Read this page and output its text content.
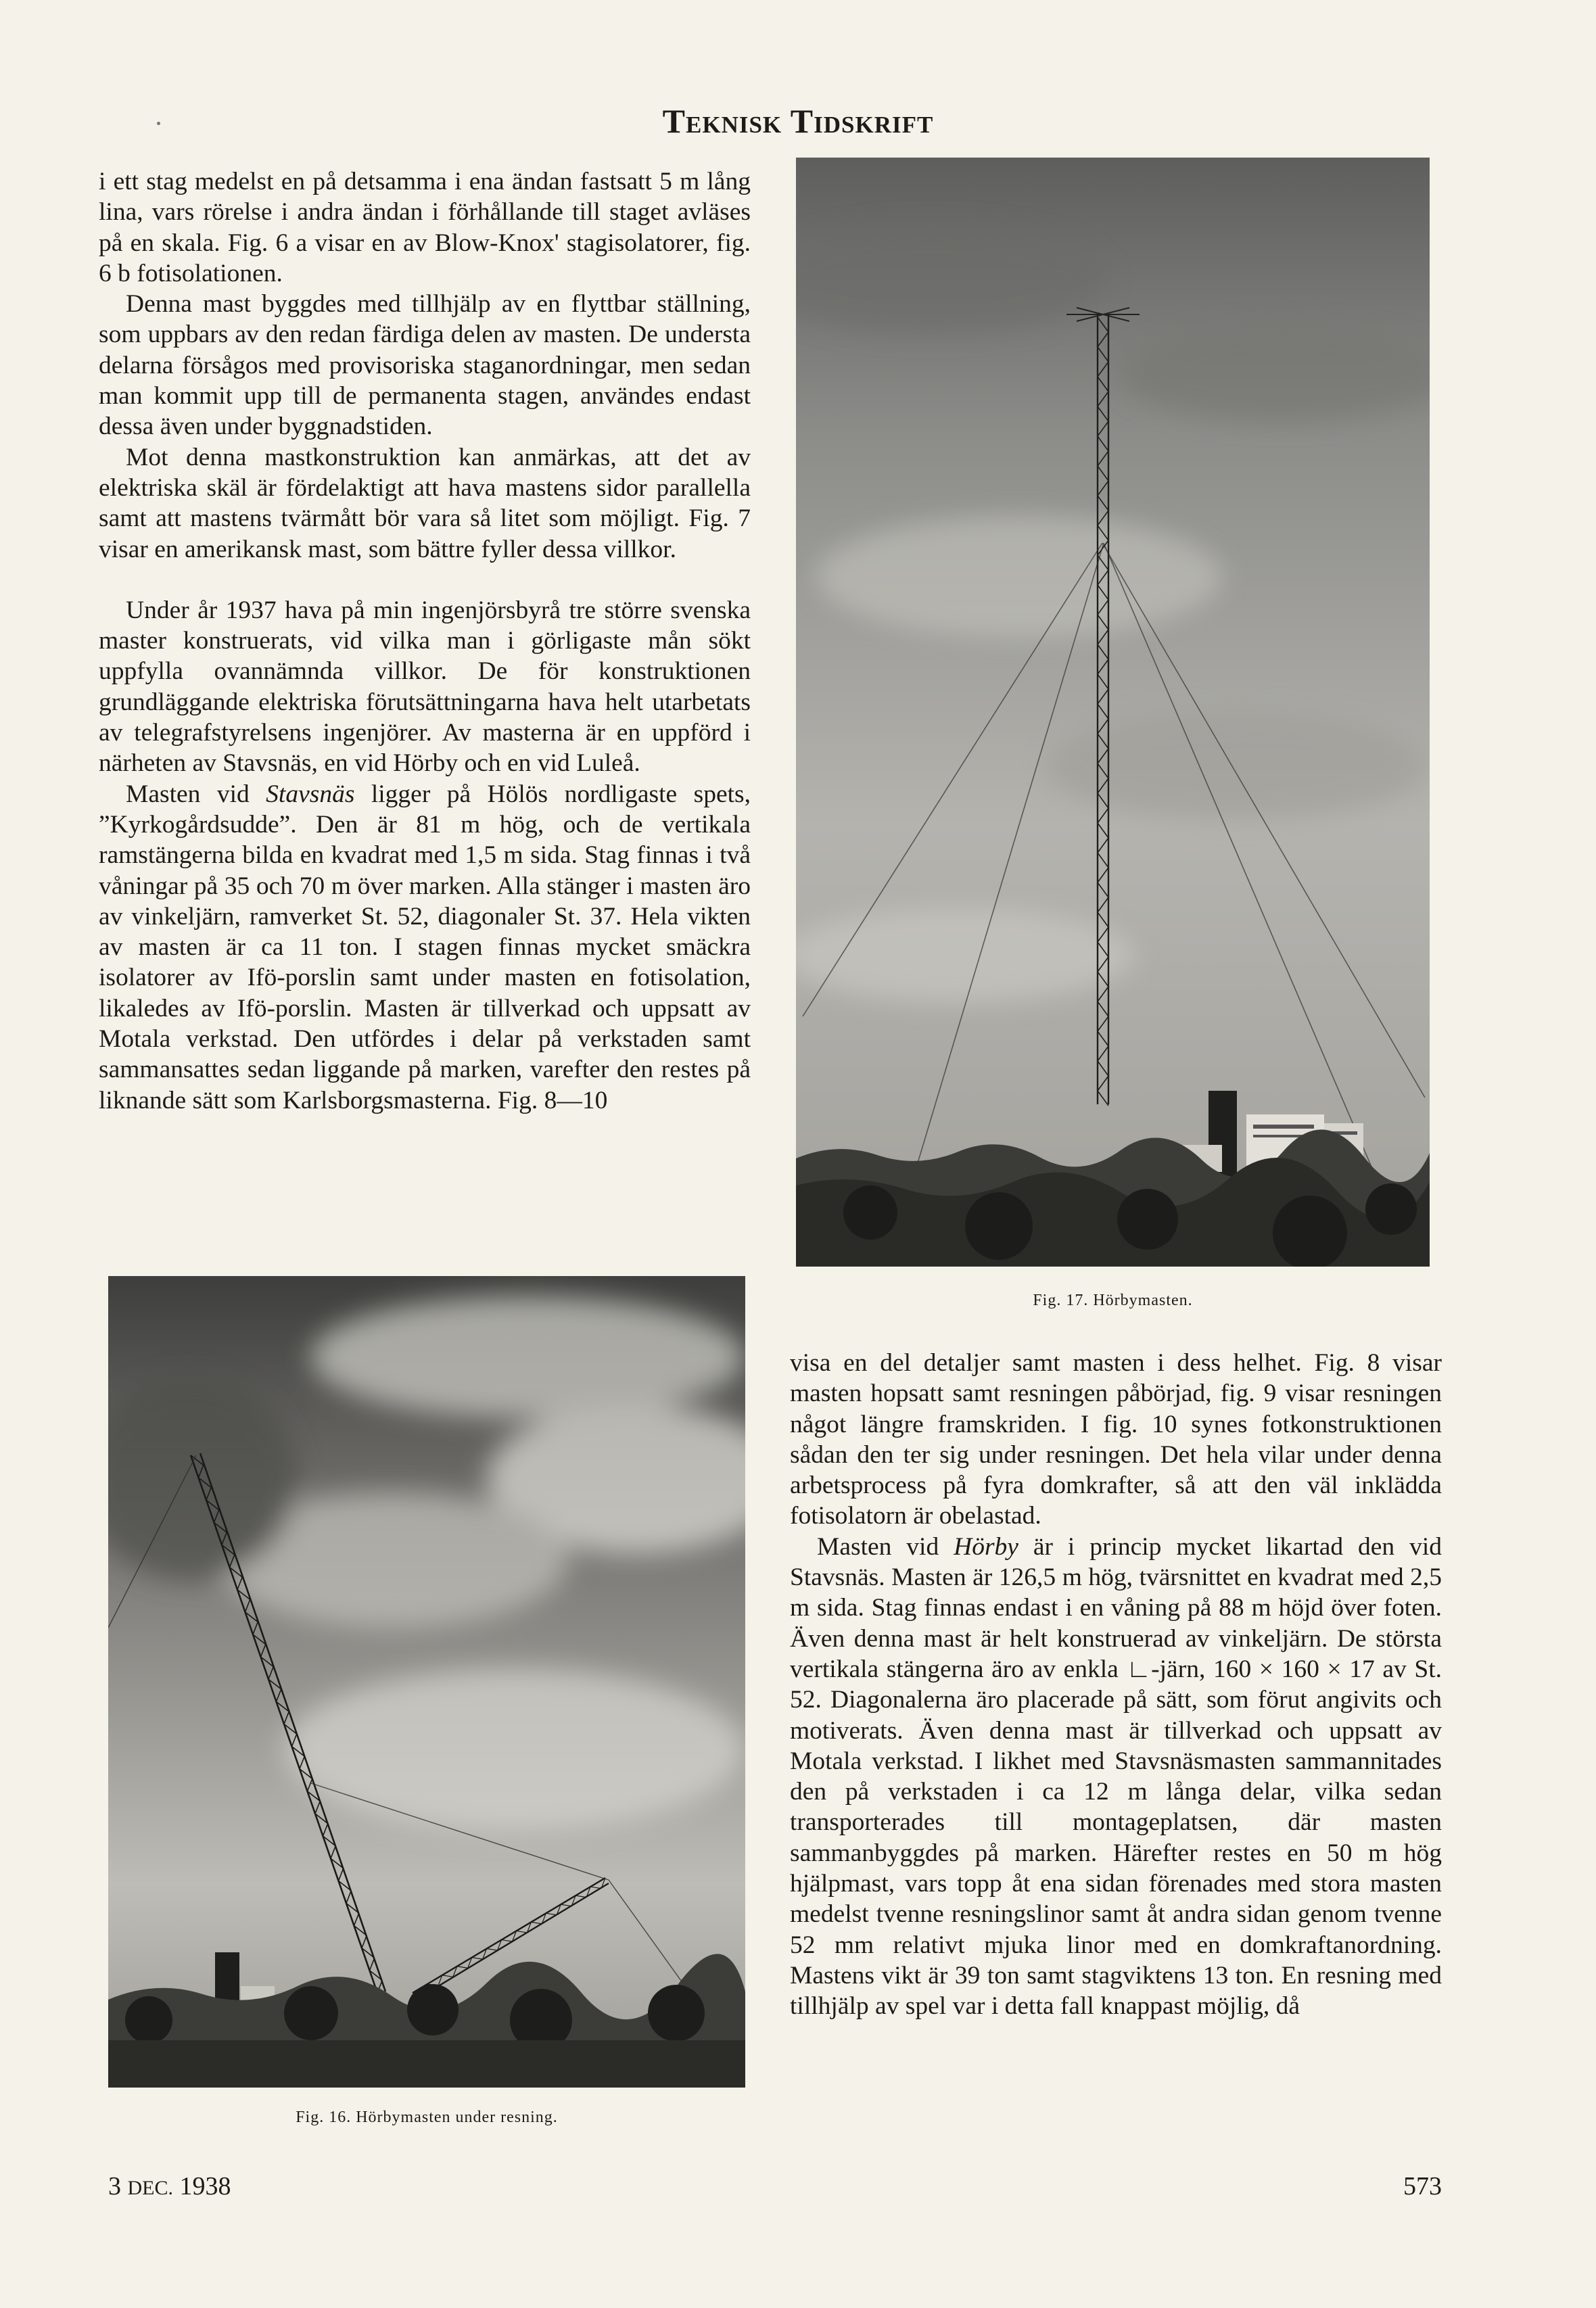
Teknisk Tidskrift

i ett stag medelst en på detsamma i ena ändan fastsatt 5 m lång lina, vars rörelse i andra ändan i förhållande till staget avläses på en skala. Fig. 6 a visar en av Blow-Knox' stagisolatorer, fig. 6 b fotisolationen.

Denna mast byggdes med tillhjälp av en flyttbar ställning, som uppbars av den redan färdiga delen av masten. De understa delarna försågos med provisoriska staganordningar, men sedan man kommit upp till de permanenta stagen, användes endast dessa även under byggnadstiden.

Mot denna mastkonstruktion kan anmärkas, att det av elektriska skäl är fördelaktigt att hava mastens sidor parallella samt att mastens tvärmått bör vara så litet som möjligt. Fig. 7 visar en amerikansk mast, som bättre fyller dessa villkor.

Under år 1937 hava på min ingenjörsbyrå tre större svenska master konstruerats, vid vilka man i görligaste mån sökt uppfylla ovannämnda villkor. De för konstruktionen grundläggande elektriska förutsättningarna hava helt utarbetats av telegrafstyrelsens ingenjörer. Av masterna är en uppförd i närheten av Stavsnäs, en vid Hörby och en vid Luleå.

Masten vid Stavsnäs ligger på Hölös nordligaste spets, ”Kyrkogårdsudde”. Den är 81 m hög, och de vertikala ramstängerna bilda en kvadrat med 1,5 m sida. Stag finnas i två våningar på 35 och 70 m över marken. Alla stänger i masten äro av vinkeljärn, ramverket St. 52, diagonaler St. 37. Hela vikten av masten är ca 11 ton. I stagen finnas mycket smäckra isolatorer av Ifö-porslin samt under masten en fotisolation, likaledes av Ifö-porslin. Masten är tillverkad och uppsatt av Motala verkstad. Den utfördes i delar på verkstaden samt sammansattes sedan liggande på marken, varefter den restes på liknande sätt som Karlsborgsmasterna. Fig. 8—10

Fig. 17. Hörbymasten.
Fig. 16. Hörbymasten under resning.

visa en del detaljer samt masten i dess helhet. Fig. 8 visar masten hopsatt samt resningen påbörjad, fig. 9 visar resningen något längre framskriden. I fig. 10 synes fotkonstruktionen sådan den ter sig under resningen. Det hela vilar under denna arbetsprocess på fyra domkrafter, så att den väl inklädda fotisolatorn är obelastad.

Masten vid Hörby är i princip mycket likartad den vid Stavsnäs. Masten är 126,5 m hög, tvärsnittet en kvadrat med 2,5 m sida. Stag finnas endast i en våning på 88 m höjd över foten. Även denna mast är helt konstruerad av vinkeljärn. De största vertikala stängerna äro av enkla ∟-järn, 160 × 160 × 17 av St. 52. Diagonalerna äro placerade på sätt, som förut angivits och motiverats. Även denna mast är tillverkad och uppsatt av Motala verkstad. I likhet med Stavsnäsmasten sammannitades den på verkstaden i ca 12 m långa delar, vilka sedan transporterades till montageplatsen, där masten sammanbyggdes på marken. Härefter restes en 50 m hög hjälpmast, vars topp åt ena sidan förenades med stora masten medelst tvenne resningslinor samt åt andra sidan genom tvenne 52 mm relativt mjuka linor med en domkraftanordning. Mastens vikt är 39 ton samt stagviktens 13 ton. En resning med tillhjälp av spel var i detta fall knappast möjlig, då

3 DEC. 1938	573
